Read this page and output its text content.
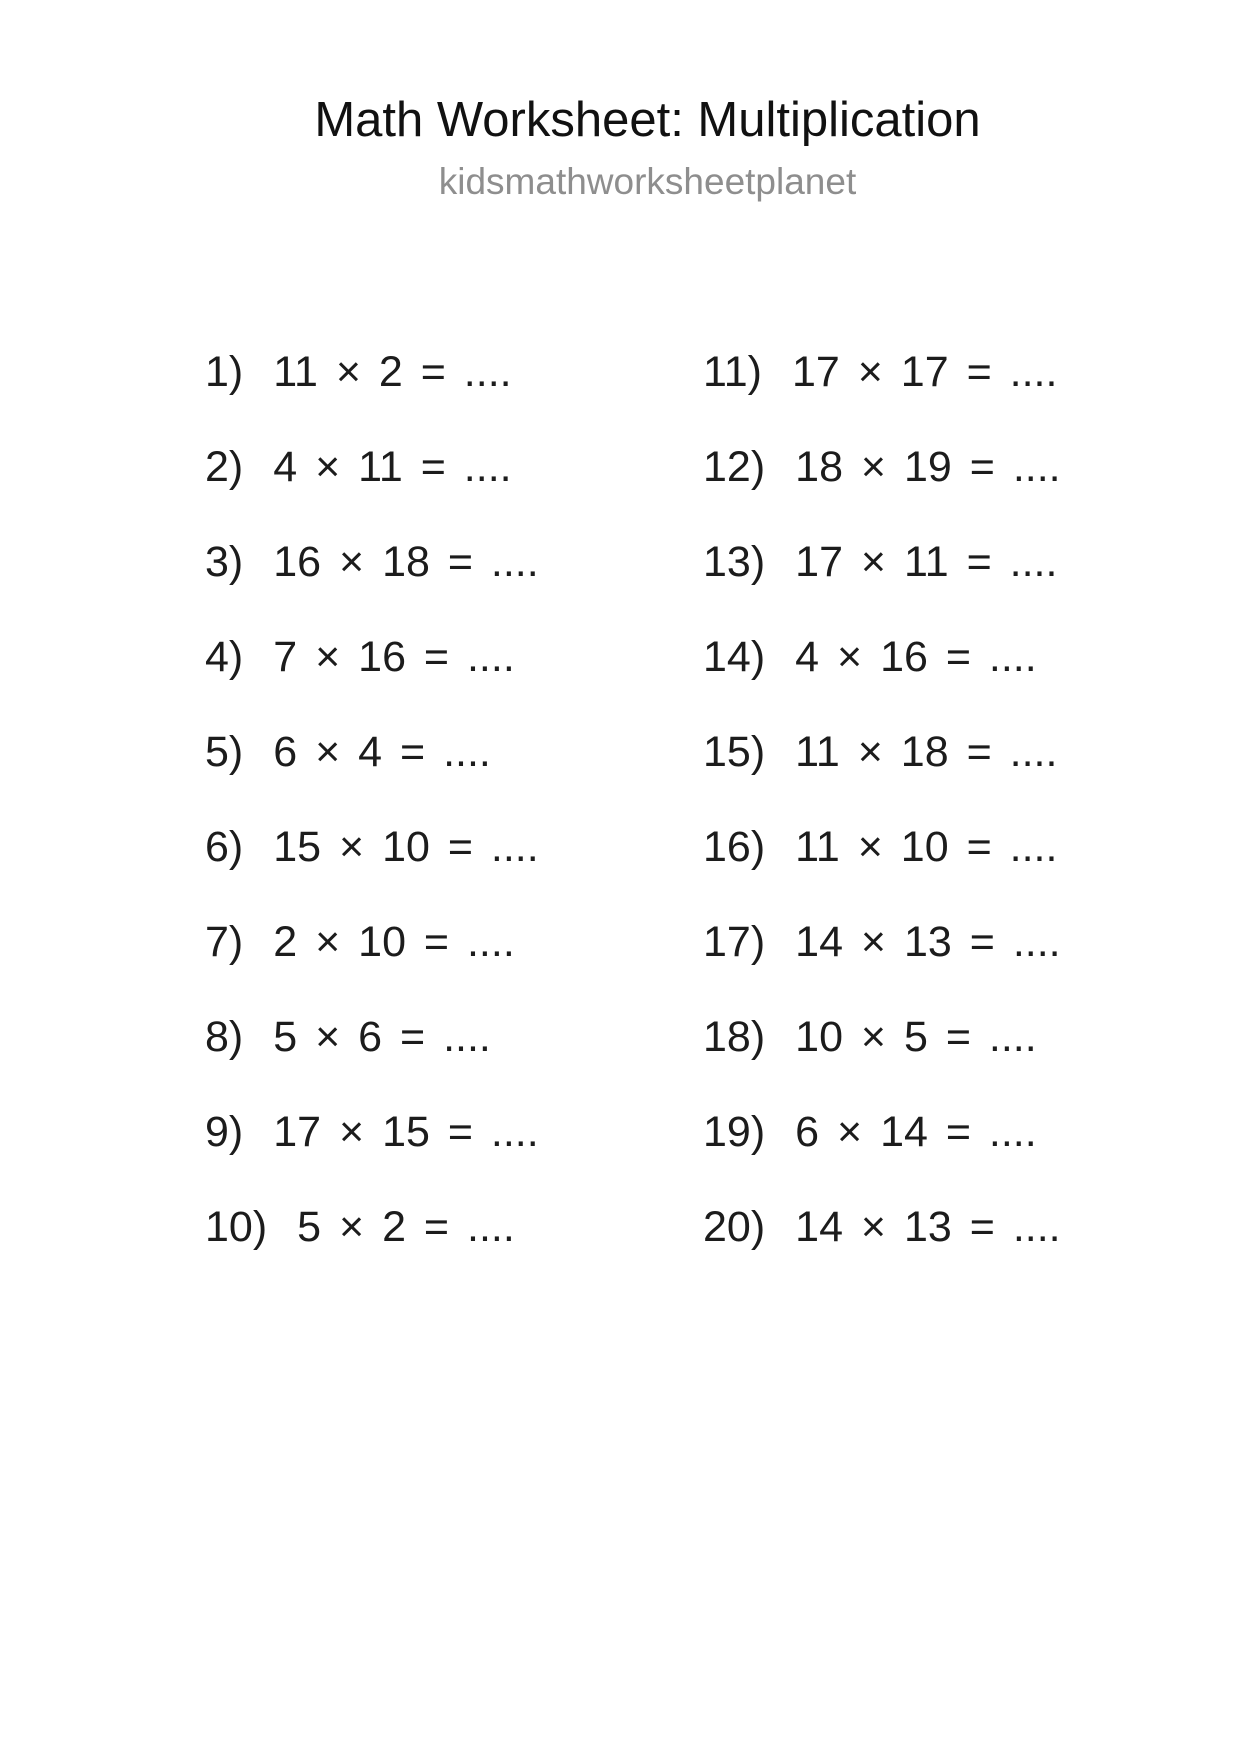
Math Worksheet: Multiplication
kidsmathworksheetplanet
1) 11 × 2 = ....
2) 4 × 11 = ....
3) 16 × 18 = ....
4) 7 × 16 = ....
5) 6 × 4 = ....
6) 15 × 10 = ....
7) 2 × 10 = ....
8) 5 × 6 = ....
9) 17 × 15 = ....
10) 5 × 2 = ....
11) 17 × 17 = ....
12) 18 × 19 = ....
13) 17 × 11 = ....
14) 4 × 16 = ....
15) 11 × 18 = ....
16) 11 × 10 = ....
17) 14 × 13 = ....
18) 10 × 5 = ....
19) 6 × 14 = ....
20) 14 × 13 = ....
